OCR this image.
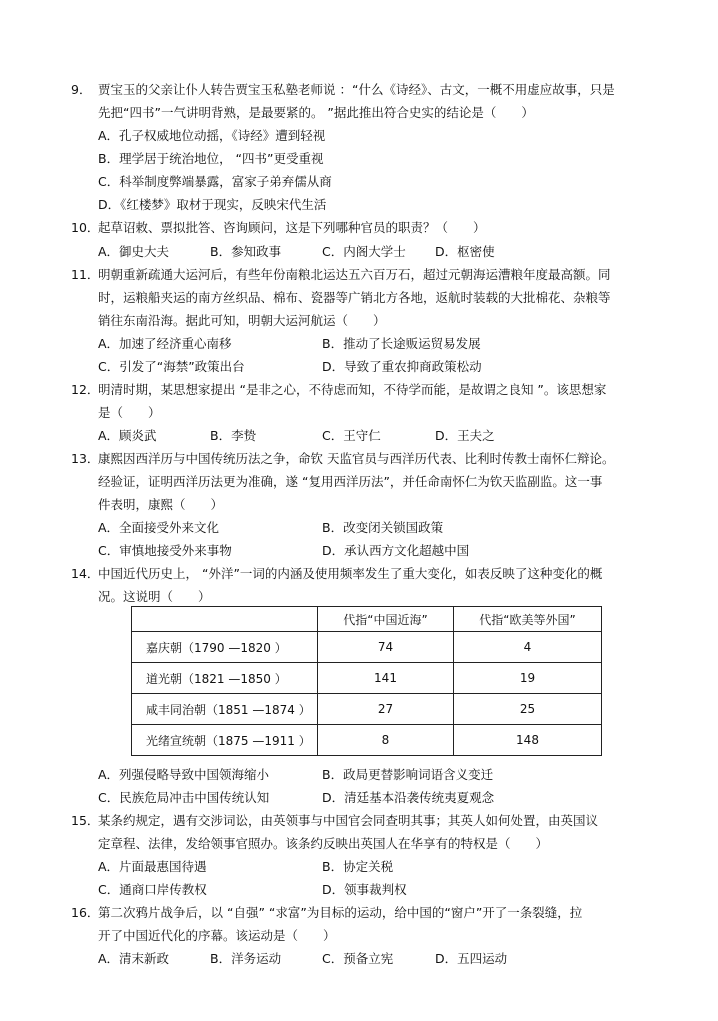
9． 贾宝玉的父亲让仆人转告贾宝玉私塾老师说 ：“什么《诗经》、古文，一概不用虚应故事，只是
先把“四书”一气讲明背熟，是最要紧的。 ”据此推出符合史实的结论是（　　）
A．孔子权威地位动摇，《诗经》遭到轻视
B．理学居于统治地位， “四书”更受重视
C．科举制度弊端暴露，富家子弟弃儒从商
D．《红楼梦》取材于现实，反映宋代生活
10．
起草诏敕、票拟批答、咨询顾问，这是下列哪种官员的职责？（　　）
A．御史大夫	B．参知政事	C．内阁大学士 D．枢密使
11．
明朝重新疏通大运河后，有些年份南粮北运达五六百万石，超过元朝海运漕粮年度最高额。同
时，运粮船夹运的南方丝织品、棉布、瓷器等广销北方各地，返航时装载的大批棉花、杂粮等
销往东南沿海。据此可知，明朝大运河航运（　　）
A．加速了经济重心南移	B．推动了长途贩运贸易发展
C．引发了“海禁”政策出台	D．导致了重农抑商政策松动
12．
明清时期，某思想家提出 “是非之心，不待虑而知，不待学而能，是故谓之良知 ”。该思想家
是（　　）
A．顾炎武	B．李贽	C．王守仁	D．王夫之
13．
康熙因西洋历与中国传统历法之争，命钦 天监官员与西洋历代表、比利时传教士南怀仁辩论。
经验证，证明西洋历法更为准确，遂 “复用西洋历法”，并任命南怀仁为钦天监副监。这一事
件表明，康熙（　　）
A．全面接受外来文化	B．改变闭关锁国政策
C．审慎地接受外来事物	D．承认西方文化超越中国
14．
中国近代历史上， “外洋”一词的内涵及使用频率发生了重大变化，如表反映了这种变化的概
况。这说明（　　）
	代指“中国近海”	代指“欧美等外国”
嘉庆朝（1790 —1820 ）	74	4
道光朝（1821 —1850 ）	141	19
咸丰同治朝（1851 —1874 ）	27	25
光绪宣统朝（1875 —1911 ）	8	148
A．列强侵略导致中国领海缩小	B．政局更替影响词语含义变迁
C．民族危局冲击中国传统认知	D．清廷基本沿袭传统夷夏观念
15．
某条约规定，遇有交涉词讼，由英领事与中国官会同查明其事；其英人如何处置，由英国议
定章程、法律，发给领事官照办。该条约反映出英国人在华享有的特权是（　　）
A．片面最惠国待遇	B．协定关税
C．通商口岸传教权	D．领事裁判权
16．
第二次鸦片战争后，以 “自强” “求富”为目标的运动，给中国的“窗户”开了一条裂缝，拉
开了中国近代化的序幕。该运动是（　　）
A．清末新政	B．洋务运动	C．预备立宪	D．五四运动
